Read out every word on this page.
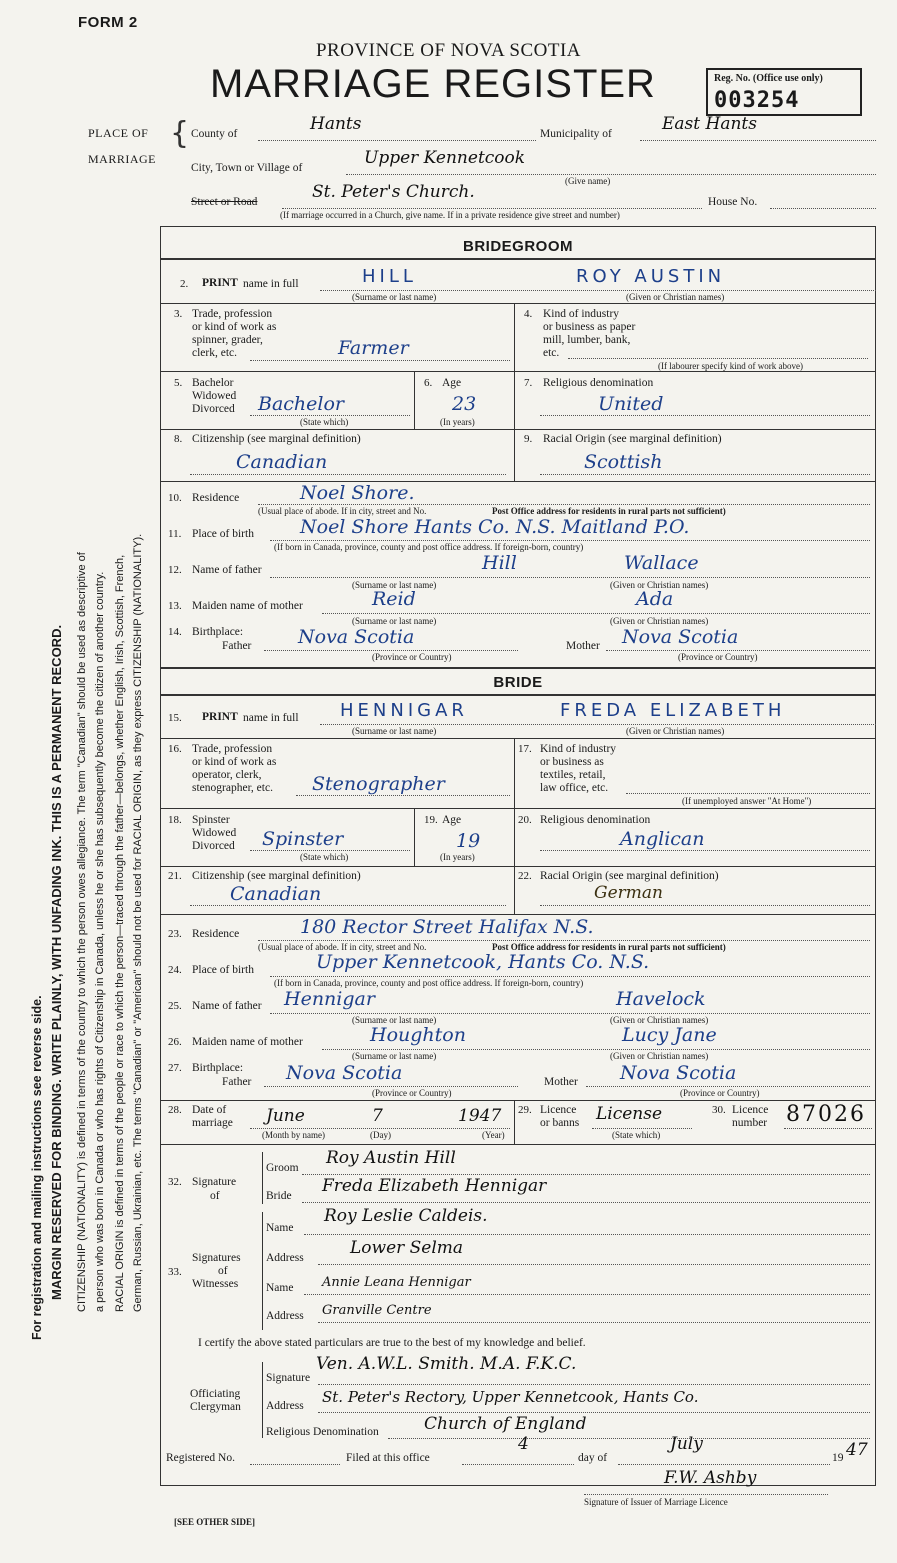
FORM 2
PROVINCE OF NOVA SCOTIA
MARRIAGE REGISTER	Reg. No. (Office use only)
003254
PLACE OF
MARRIAGE
{ County of	Hants	Municipality of	East Hants
City, Town or Village of	Upper Kennetcook
(Give name)
Street or Road	St. Peter's Church.	House No.
(If marriage occurred in a Church, give name. If in a private residence give street and number)
For registration and mailing instructions see reverse side. MARGIN RESERVED FOR BINDING. WRITE PLAINLY, WITH UNFADING INK. THIS IS A PERMANENT RECORD. CITIZENSHIP (NATIONALITY) is defined in terms of the country to which the person owes allegiance. The term "Canadian" should be used as descriptive of a person who was born in Canada or who has rights of Citizenship in Canada, unless he or she has subsequently become the citizen of another country. RACIAL ORIGIN is defined in terms of the people or race to which the person—traced through the father—belongs, whether English, Irish, Scottish, French, German, Russian, Ukrainian, etc. The terms "Canadian" or "American" should not be used for RACIAL ORIGIN, as they express CITIZENSHIP (NATIONALITY).
BRIDEGROOM
2. PRINT name in full	HILL	ROY AUSTIN
(Surname or last name)	(Given or Christian names)
3. Trade, profession
or kind of work as
spinner, grader,
clerk, etc.	Farmer
4. Kind of industry
or business as paper
mill, lumber, bank,
etc.
(If labourer specify kind of work above)
5. Bachelor
Widowed
Divorced Bachelor
(State which)
6. Age
23
(In years)
7. Religious denomination
United
8. Citizenship (see marginal definition)
Canadian
9. Racial Origin (see marginal definition)
Scottish
10. Residence	Noel Shore.
(Usual place of abode. If in city, street and No.	Post Office address for residents in rural parts not sufficient)
11. Place of birth Noel Shore Hants Co. N.S. Maitland P.O.
(If born in Canada, province, county and post office address. If foreign-born, country)
12. Name of father	Hill	Wallace
(Surname or last name)	(Given or Christian names)
13. Maiden name of mother	Reid	Ada
(Surname or last name)	(Given or Christian names)
14. Birthplace:
Father Nova Scotia
(Province or Country)
Mother Nova Scotia
(Province or Country)
BRIDE
15. PRINT name in full HENNIGAR	FREDA ELIZABETH
(Surname or last name)	(Given or Christian names)
16. Trade, profession
or kind of work as
operator, clerk,
stenographer, etc. Stenographer
17. Kind of industry
or business as
textiles, retail,
law office, etc.
(If unemployed answer "At Home")
18. Spinster
Widowed
Divorced Spinster
(State which)
19. Age
19
(In years)
20. Religious denomination
Anglican
21. Citizenship (see marginal definition)
Canadian
22. Racial Origin (see marginal definition)
German
23. Residence	180 Rector Street Halifax N.S.
(Usual place of abode. If in city, street and No.	Post Office address for residents in rural parts not sufficient)
24. Place of birth	Upper Kennetcook, Hants Co. N.S.
(If born in Canada, province, county and post office address. If foreign-born, country)
25. Name of father Hennigar	Havelock
(Surname or last name)	(Given or Christian names)
26. Maiden name of mother	Houghton	Lucy Jane
(Surname or last name)	(Given or Christian names)
27. Birthplace:
Father Nova Scotia
(Province or Country)
Mother Nova Scotia
(Province or Country)
28. Date of
marriage June	7	1947
(Month by name)	(Day)	(Year)
29. Licence
or banns License
(State which)
30. Licence
number 87026
32. Signature
of
Groom Roy Austin Hill
Bride Freda Elizabeth Hennigar
33.
Signatures
of
Witnesses
Name
Roy Leslie Caldeis.
Address	Lower Selma
Name Annie Leana Hennigar
Address Granville Centre
I certify the above stated particulars are true to the best of my knowledge and belief.
Officiating
Clergyman
Signature
Ven. A.W.L. Smith. M.A. F.K.C.
Address St. Peter's Rectory, Upper Kennetcook, Hants Co.
Religious Denomination	Church of England
Registered No.	Filed at this office
4
day of
July
19 47
F.W. Ashby
Signature of Issuer of Marriage Licence
[SEE OTHER SIDE]
